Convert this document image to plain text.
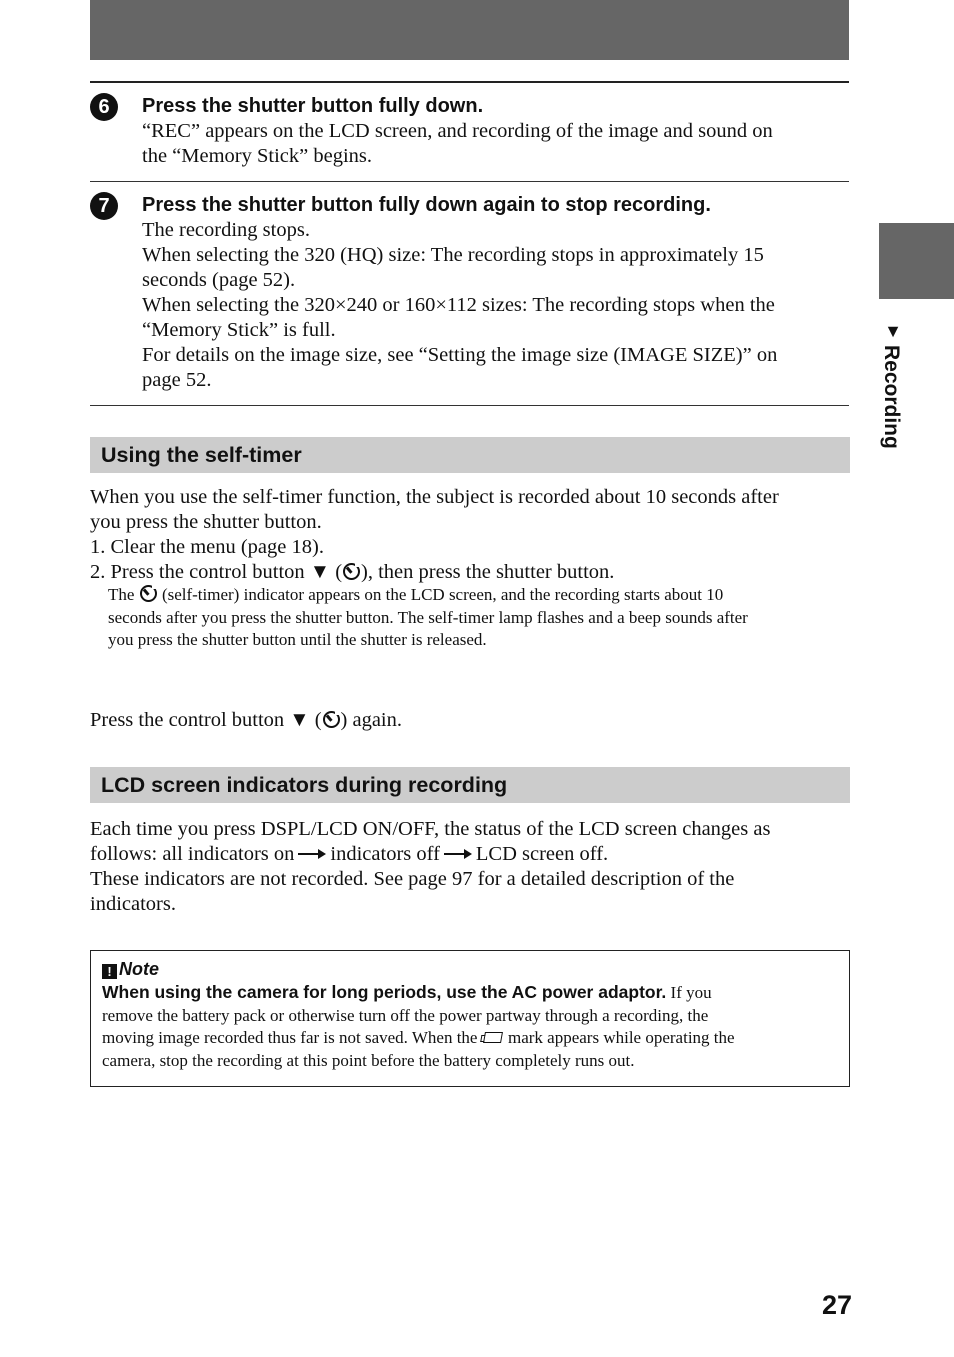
▼
Recording
6	Press the shutter button fully down.
“REC” appears on the LCD screen, and recording of the image and sound on
the “Memory Stick” begins.
7	Press the shutter button fully down again to stop recording.
The recording stops.
When selecting the 320 (HQ) size: The recording stops in approximately 15
seconds (page 52).
When selecting the 320×240 or 160×112 sizes: The recording stops when the
“Memory Stick” is full.
For details on the image size, see “Setting the image size (IMAGE SIZE)” on
page 52.
Using the self-timer
When you use the self-timer function, the subject is recorded about 10 seconds after
you press the shutter button.
1. Clear the menu (page 18).
2. Press the control button ▼ ( ), then press the shutter button.
The (self-timer) indicator appears on the LCD screen, and the recording starts about 10
seconds after you press the shutter button. The self-timer lamp flashes and a beep sounds after
you press the shutter button until the shutter is released.
Press the control button ▼ ( ) again.
LCD screen indicators during recording
Each time you press DSPL/LCD ON/OFF, the status of the LCD screen changes as
follows: all indicators on indicators off LCD screen off.
These indicators are not recorded. See page 97 for a detailed description of the
indicators.
! Note
When using the camera for long periods, use the AC power adaptor. If you
remove the battery pack or otherwise turn off the power partway through a recording, the
moving image recorded thus far is not saved. When the mark appears while operating the
camera, stop the recording at this point before the battery completely runs out.
27
